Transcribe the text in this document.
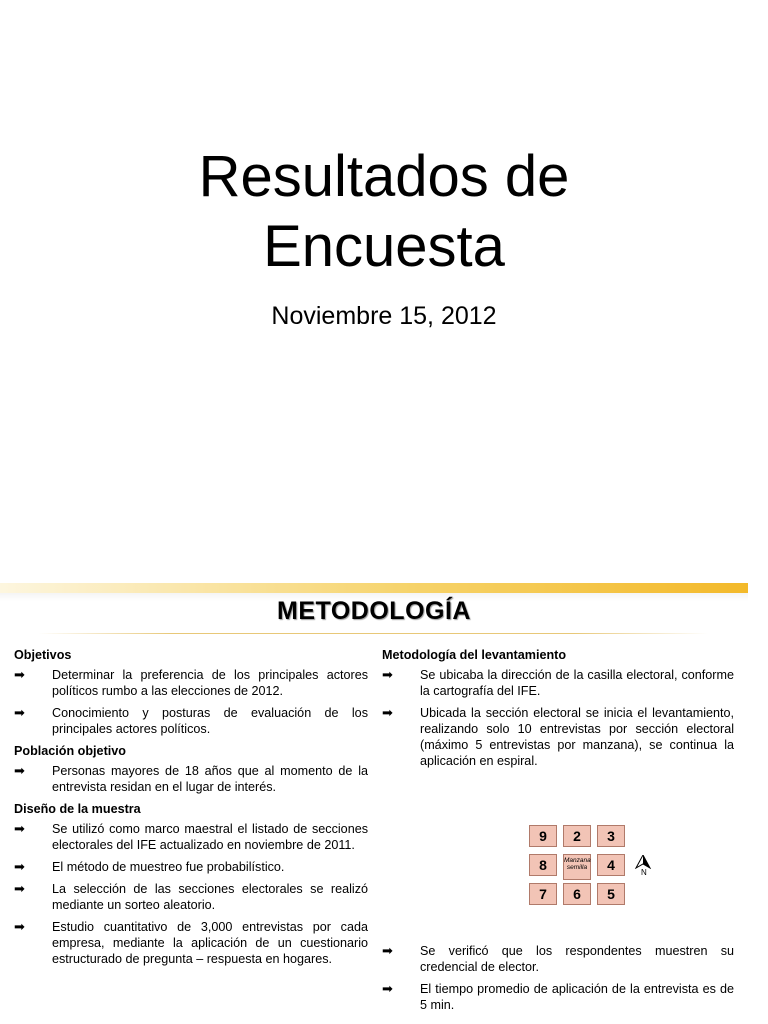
Resultados de
Encuesta
Noviembre 15, 2012
METODOLOGÍA
Objetivos
➡ Determinar la preferencia de los principales actores políticos rumbo a las elecciones de 2012.
➡ Conocimiento y posturas de evaluación de los principales actores políticos.
Población objetivo
➡ Personas mayores de 18 años que al momento de la entrevista residan en el lugar de interés.
Diseño de la muestra
➡ Se utilizó como marco maestral el listado de secciones electorales del IFE actualizado en noviembre de 2011.
➡ El método de muestreo fue probabilístico.
➡ La selección de las secciones electorales se realizó mediante un sorteo aleatorio.
➡ Estudio cuantitativo de 3,000 entrevistas por cada empresa, mediante la aplicación de un cuestionario estructurado de pregunta – respuesta en hogares.
Metodología del levantamiento
➡ Se ubicaba la dirección de la casilla electoral, conforme la cartografía del IFE.
➡ Ubicada la sección electoral se inicia el levantamiento, realizando solo 10 entrevistas por sección electoral (máximo 5 entrevistas por manzana), se continua la aplicación en espiral.
➡ Se verificó que los respondentes muestren su credencial de elector.
➡ El tiempo promedio de aplicación de la entrevista es de 5 min.
9	2	3
8	Manzana
semilla	4
7	6	5
N
